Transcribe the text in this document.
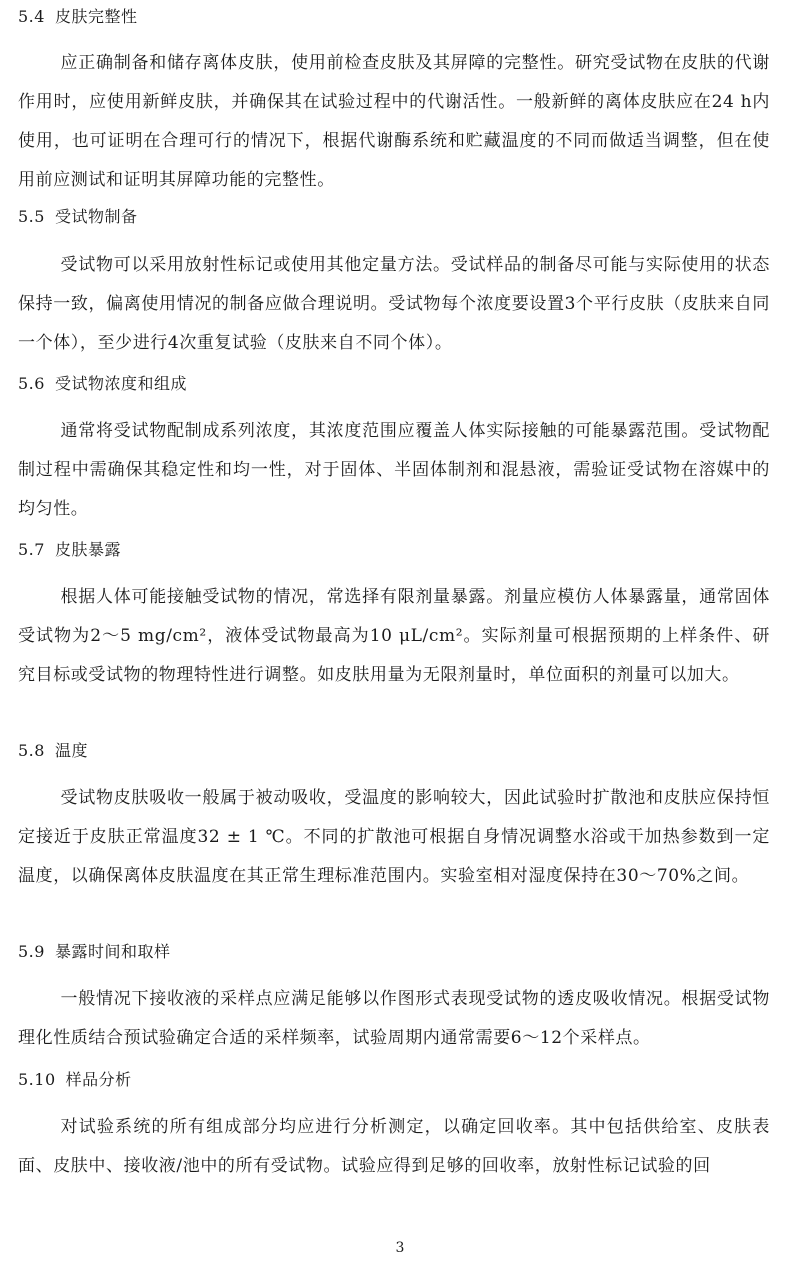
5.4 皮肤完整性

应正确制备和储存离体皮肤，使用前检查皮肤及其屏障的完整性。研究受试物在皮肤的代谢作用时，应使用新鲜皮肤，并确保其在试验过程中的代谢活性。一般新鲜的离体皮肤应在24 h内使用，也可证明在合理可行的情况下，根据代谢酶系统和贮藏温度的不同而做适当调整，但在使用前应测试和证明其屏障功能的完整性。

5.5 受试物制备

受试物可以采用放射性标记或使用其他定量方法。受试样品的制备尽可能与实际使用的状态保持一致，偏离使用情况的制备应做合理说明。受试物每个浓度要设置3个平行皮肤（皮肤来自同一个体），至少进行4次重复试验（皮肤来自不同个体）。

5.6 受试物浓度和组成

通常将受试物配制成系列浓度，其浓度范围应覆盖人体实际接触的可能暴露范围。受试物配制过程中需确保其稳定性和均一性，对于固体、半固体制剂和混悬液，需验证受试物在溶媒中的均匀性。

5.7 皮肤暴露

根据人体可能接触受试物的情况，常选择有限剂量暴露。剂量应模仿人体暴露量，通常固体受试物为2～5 mg/cm²，液体受试物最高为10 μL/cm²。实际剂量可根据预期的上样条件、研究目标或受试物的物理特性进行调整。如皮肤用量为无限剂量时，单位面积的剂量可以加大。

5.8 温度

受试物皮肤吸收一般属于被动吸收，受温度的影响较大，因此试验时扩散池和皮肤应保持恒定接近于皮肤正常温度32 ± 1 ℃。不同的扩散池可根据自身情况调整水浴或干加热参数到一定温度，以确保离体皮肤温度在其正常生理标准范围内。实验室相对湿度保持在30～70%之间。

5.9 暴露时间和取样

一般情况下接收液的采样点应满足能够以作图形式表现受试物的透皮吸收情况。根据受试物理化性质结合预试验确定合适的采样频率，试验周期内通常需要6～12个采样点。

5.10 样品分析

对试验系统的所有组成部分均应进行分析测定，以确定回收率。其中包括供给室、皮肤表面、皮肤中、接收液/池中的所有受试物。试验应得到足够的回收率，放射性标记试验的回

3
